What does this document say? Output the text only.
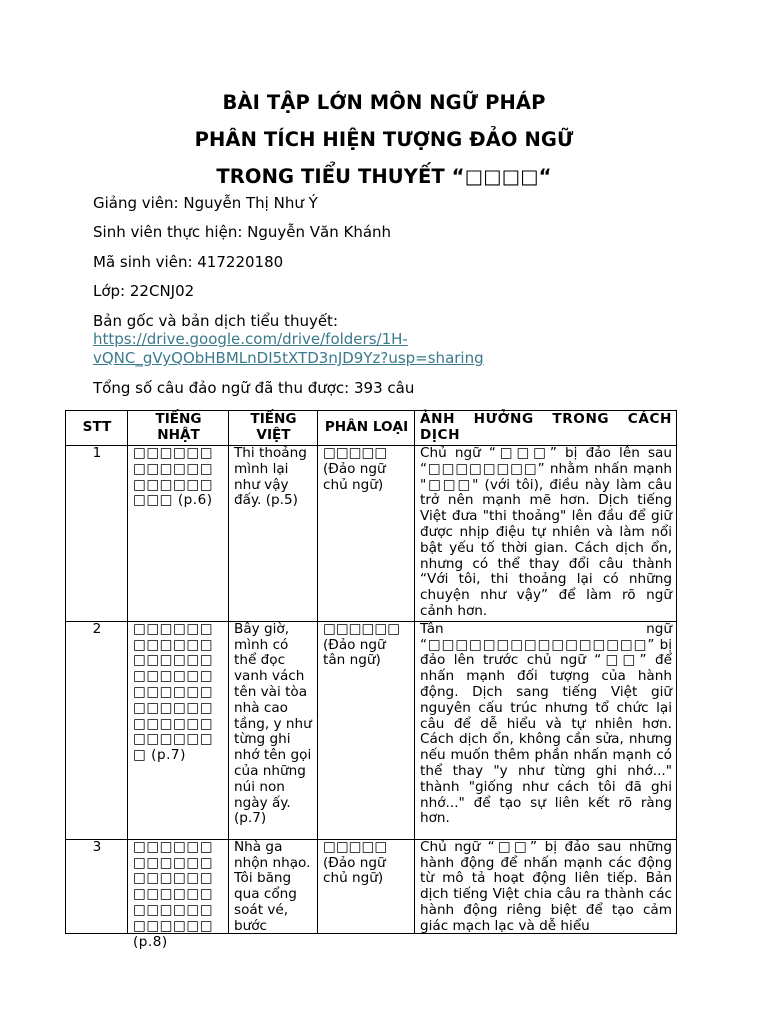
BÀI TẬP LỚN MÔN NGỮ PHÁP
PHÂN TÍCH HIỆN TƯỢNG ĐẢO NGỮ
TRONG TIỂU THUYẾT “□□□□“
Giảng viên: Nguyễn Thị Như Ý
Sinh viên thực hiện: Nguyễn Văn Khánh
Mã sinh viên: 417220180
Lớp: 22CNJ02
Bản gốc và bản dịch tiểu thuyết:
https://drive.google.com/drive/folders/1H-
vQNC_gVyQObHBMLnDI5tXTD3nJD9Yz?usp=sharing
Tổng số câu đảo ngữ đã thu được: 393 câu
STT	TIẾNG NHẬT	TIẾNG VIỆT	PHÂN LOẠI	ẢNH HƯỞNG TRONG CÁCH DỊCH
1	□□□□□□□□□□□□□□□□□□□□□ (p.6)	Thi thoảng mình lại như vậy đấy. (p.5)	□□□□□ (Đảo ngữ chủ ngữ)	Chủ ngữ “□□□” bị đảo lên sau “□□□□□□□□” nhằm nhấn mạnh "□□□" (với tôi), điều này làm câu trở nên mạnh mẽ hơn. Dịch tiếng Việt đưa "thi thoảng" lên đầu để giữ được nhịp điệu tự nhiên và làm nổi bật yếu tố thời gian. Cách dịch ổn, nhưng có thể thay đổi câu thành “Với tôi, thi thoảng lại có những chuyện như vậy” để làm rõ ngữ cảnh hơn.
2	□□□□□□□□□□□□□□□□□□□□□□□□□□□□□□□□□□□□□□□□□□□□□□□□□ (p.7)	Bây giờ, mình có thể đọc vanh vách tên vài tòa nhà cao tầng, y như từng ghi nhớ tên gọi của những núi non ngày ấy. (p.7)	□□□□□□ (Đảo ngữ tân ngữ)	Tân ngữ “□□□□□□□□□□□□□□□□” bị đảo lên trước chủ ngữ “□□” để nhấn mạnh đối tượng của hành động. Dịch sang tiếng Việt giữ nguyên cấu trúc nhưng tổ chức lại câu để dễ hiểu và tự nhiên hơn. Cách dịch ổn, không cần sửa, nhưng nếu muốn thêm phần nhấn mạnh có thể thay "y như từng ghi nhớ..." thành "giống như cách tôi đã ghi nhớ..." để tạo sự liên kết rõ ràng hơn.

3	□□□□□□□□□□□□□□□□□□□□□□□□□□□□□□□□□□□□ (p.8)	Nhà ga nhộn nhạo. Tôi băng qua cổng soát vé, bước	□□□□□ (Đảo ngữ chủ ngữ)	Chủ ngữ “□□” bị đảo sau những hành động để nhấn mạnh các động từ mô tả hoạt động liên tiếp. Bản dịch tiếng Việt chia câu ra thành các hành động riêng biệt để tạo cảm giác mạch lạc và dễ hiểu
